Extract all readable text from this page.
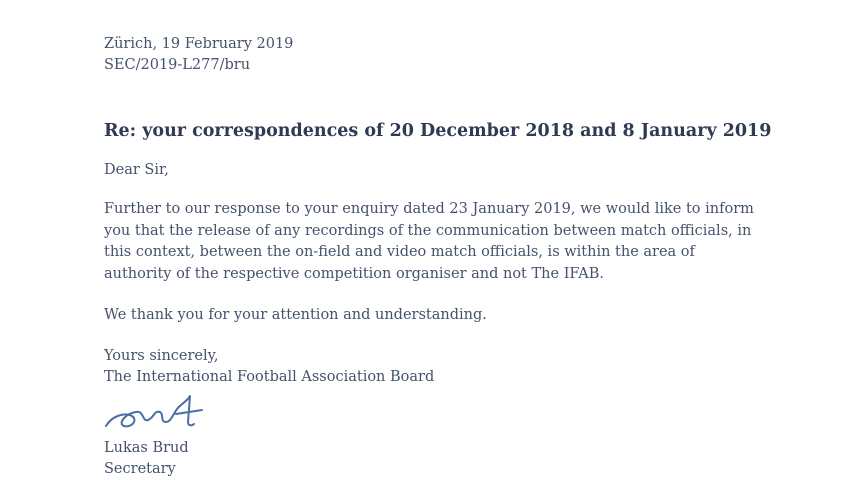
Zürich, 19 February 2019
SEC/2019-L277/bru
Re: your correspondences of 20 December 2018 and 8 January 2019
Dear Sir,
Further to our response to your enquiry dated 23 January 2019, we would like to inform
you that the release of any recordings of the communication between match officials, in
this context, between the on-field and video match officials, is within the area of
authority of the respective competition organiser and not The IFAB.
We thank you for your attention and understanding.
Yours sincerely,
The International Football Association Board
Lukas Brud
Secretary
